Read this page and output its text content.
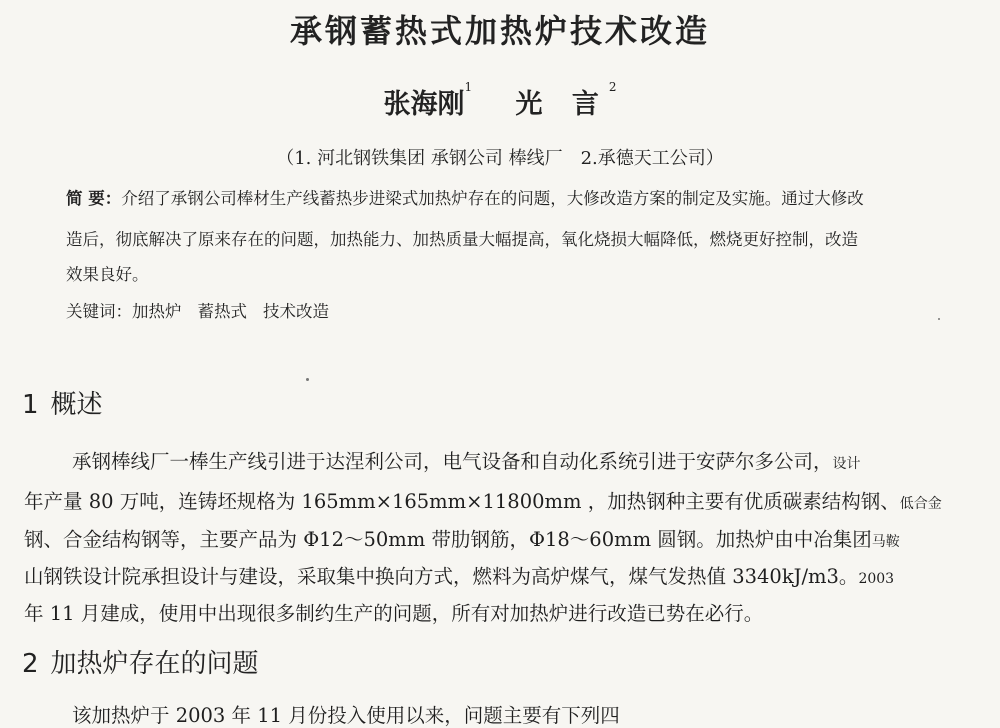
承钢蓄热式加热炉技术改造
张海刚$^1$ 光 言$^2$
（1. 河北钢铁集团 承钢公司 棒线厂　2.承德天工公司）
简 要：介绍了承钢公司棒材生产线蓄热步进梁式加热炉存在的问题，大修改造方案的制定及实施。通过大修改
造后，彻底解决了原来存在的问题，加热能力、加热质量大幅提高，氧化烧损大幅降低，燃烧更好控制，改造
效果良好。
关键词：加热炉 蓄热式 技术改造
1 概述
承钢棒线厂一棒生产线引进于达涅利公司，电气设备和自动化系统引进于安萨尔多公司，设计
年产量 80 万吨，连铸坯规格为 165mm×165mm×11800mm ，加热钢种主要有优质碳素结构钢、低合金
钢、合金结构钢等，主要产品为 Φ12～50mm 带肋钢筋，Φ18～60mm 圆钢。加热炉由中冶集团马鞍
山钢铁设计院承担设计与建设，采取集中换向方式，燃料为高炉煤气，煤气发热值 3340kJ/m3。2003
年 11 月建成，使用中出现很多制约生产的问题，所有对加热炉进行改造已势在必行。
2 加热炉存在的问题
该加热炉于 2003 年 11 月份投入使用以来，问题主要有下列四
